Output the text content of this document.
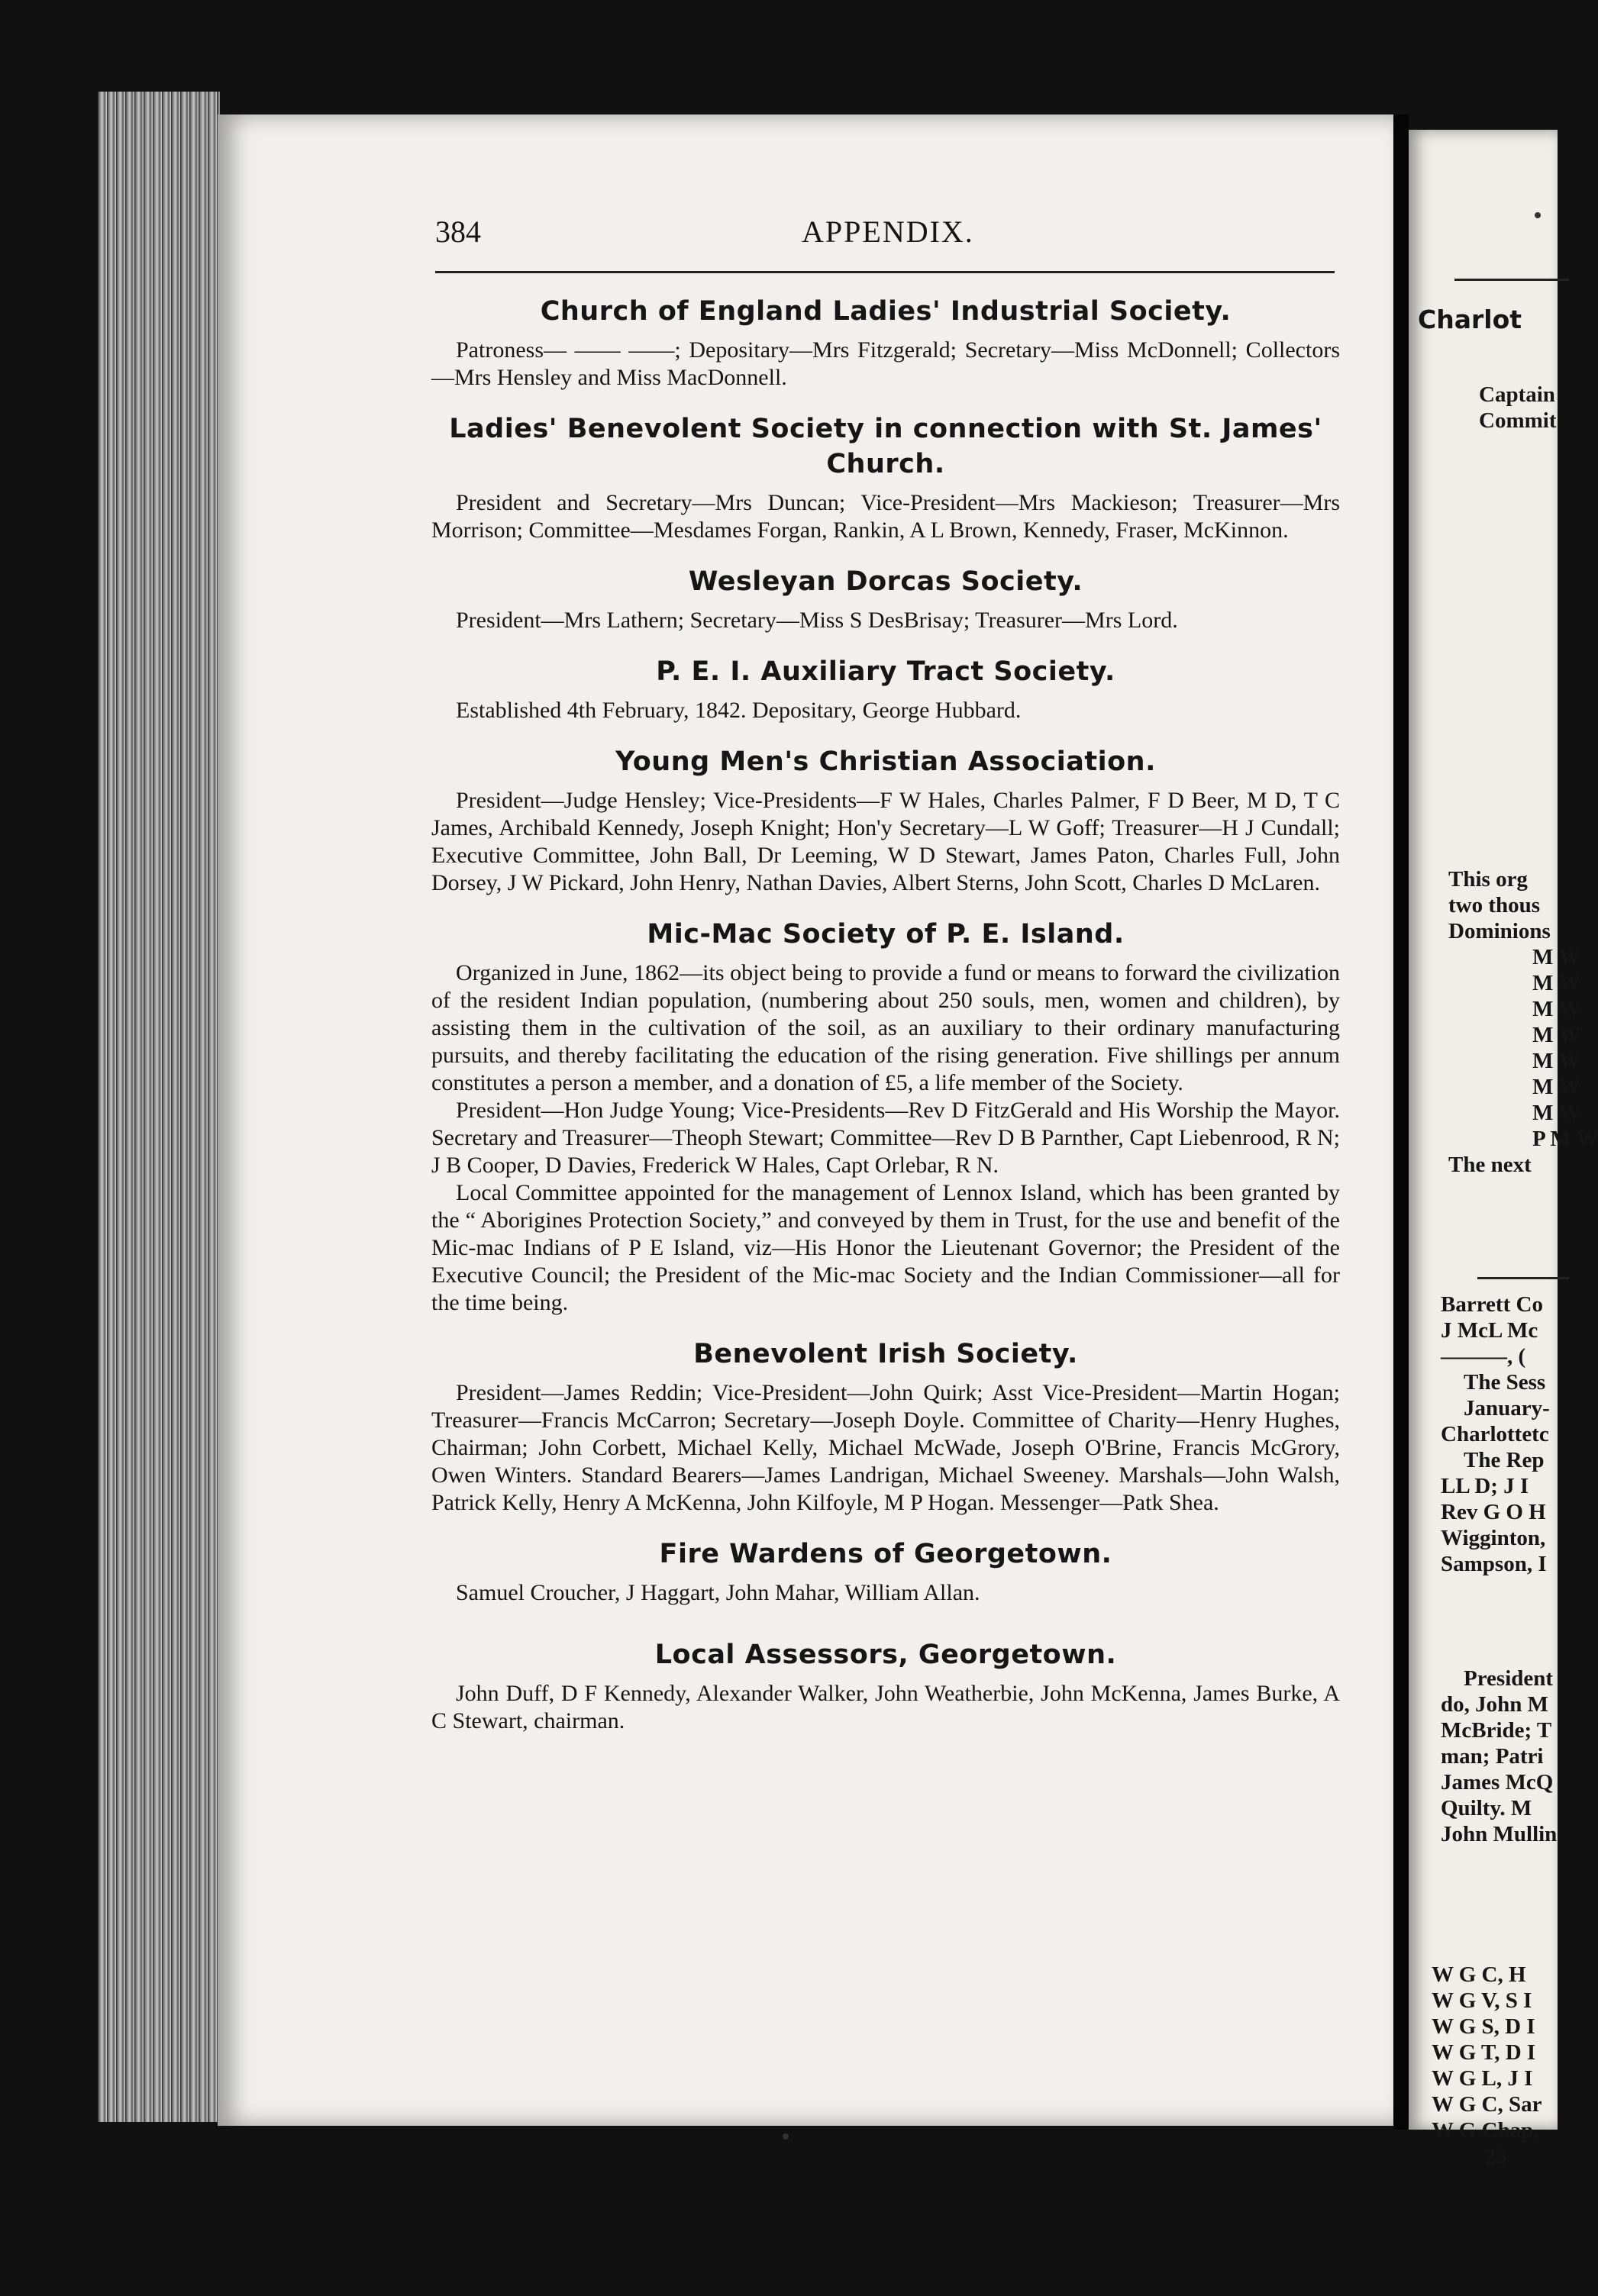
384	APPENDIX.
Church of England Ladies' Industrial Society.

Patroness— —— ——; Depositary—Mrs Fitzgerald; Secretary—Miss McDonnell; Collectors—Mrs Hensley and Miss MacDonnell.

Ladies' Benevolent Society in connection with St. James' Church.

President and Secretary—Mrs Duncan; Vice-President—Mrs Mackieson; Treasurer—Mrs Morrison; Committee—Mesdames Forgan, Rankin, A L Brown, Kennedy, Fraser, McKinnon.

Wesleyan Dorcas Society.

President—Mrs Lathern; Secretary—Miss S DesBrisay; Treasurer—Mrs Lord.

P. E. I. Auxiliary Tract Society.

Established 4th February, 1842. Depositary, George Hubbard.

Young Men's Christian Association.

President—Judge Hensley; Vice-Presidents—F W Hales, Charles Palmer, F D Beer, M D, T C James, Archibald Kennedy, Joseph Knight; Hon'y Secretary—L W Goff; Treasurer—H J Cundall; Executive Committee, John Ball, Dr Leeming, W D Stewart, James Paton, Charles Full, John Dorsey, J W Pickard, John Henry, Nathan Davies, Albert Sterns, John Scott, Charles D McLaren.

Mic-Mac Society of P. E. Island.

Organized in June, 1862—its object being to provide a fund or means to forward the civilization of the resident Indian population, (numbering about 250 souls, men, women and children), by assisting them in the cultivation of the soil, as an auxiliary to their ordinary manufacturing pursuits, and thereby facilitating the education of the rising generation. Five shillings per annum constitutes a person a member, and a donation of £5, a life member of the Society.

President—Hon Judge Young; Vice-Presidents—Rev D FitzGerald and His Worship the Mayor. Secretary and Treasurer—Theoph Stewart; Committee—Rev D B Parnther, Capt Liebenrood, R N; J B Cooper, D Davies, Frederick W Hales, Capt Orlebar, R N.

Local Committee appointed for the management of Lennox Island, which has been granted by the “ Aborigines Protection Society,” and conveyed by them in Trust, for the use and benefit of the Mic-mac Indians of P E Island, viz—His Honor the Lieutenant Governor; the President of the Executive Council; the President of the Mic-mac Society and the Indian Commissioner—all for the time being.

Benevolent Irish Society.

President—James Reddin; Vice-President—John Quirk; Asst Vice-President—Martin Hogan; Treasurer—Francis McCarron; Secretary—Joseph Doyle. Committee of Charity—Henry Hughes, Chairman; John Corbett, Michael Kelly, Michael McWade, Joseph O'Brine, Francis McGrory, Owen Winters. Standard Bearers—James Landrigan, Michael Sweeney. Marshals—John Walsh, Patrick Kelly, Henry A McKenna, John Kilfoyle, M P Hogan. Messenger—Patk Shea.

Fire Wardens of Georgetown.

Samuel Croucher, J Haggart, John Mahar, William Allan.

Local Assessors, Georgetown.

John Duff, D F Kennedy, Alexander Walker, John Weatherbie, John McKenna, James Burke, A C Stewart, chairman.

Charlot
Captain
Commit
This org
two thous
Dominions
M W
M W
M W
M W
M W
M W
M W
P M W
The next
Barrett Co
J McL Mc
———, (
The Sess
January-
Charlottetc
The Rep
LL D; J I
Rev G O H
Wigginton,
Sampson, I
President
do, John M
McBride; T
man; Patri
James McQ
Quilty. M
John Mullin
W G C, H
W G V, S I
W G S, D I
W G T, D I
W G L, J I
W G C, Sar
W G Chap,
25
